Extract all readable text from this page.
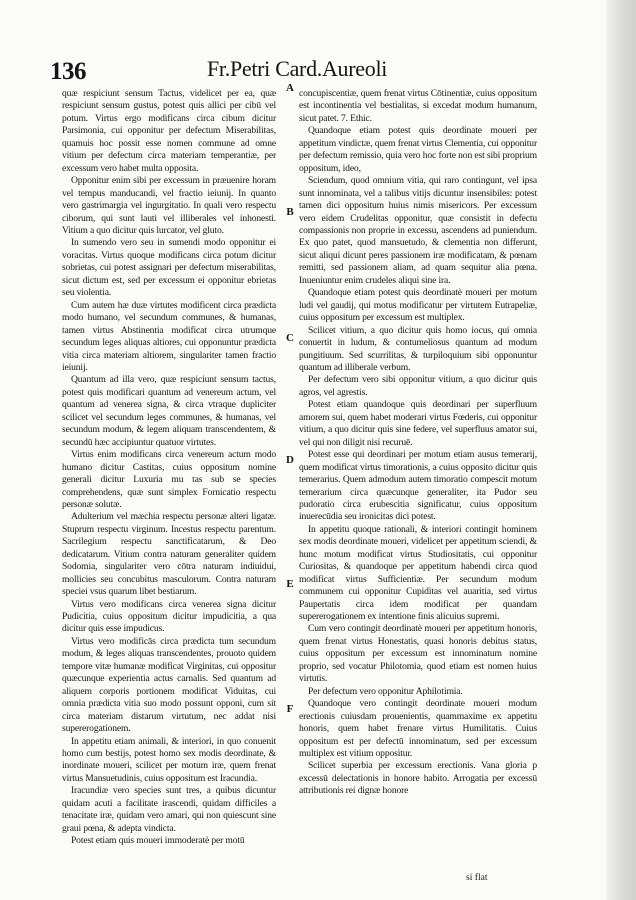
136	Fr.Petri Card.Aureoli

quæ respiciunt sensum Tactus, videlicet per ea, quæ respiciunt sensum gustus, potest quis allici per cibū vel potum. Virtus ergo modificans circa cibum dicitur Parsimonia, cui opponitur per defectum Miserabilitas, quamuis hoc possit esse nomen commune ad omne vitium per defectum circa materiam temperantiæ, per excessum vero habet multa opposita.

Opponitur enim sibi per excessum in præuenire horam vel tempus manducandi, vel fractio ieiunij. In quanto vero gastrimargia vel ingurgitatio. In quali vero respectu ciborum, qui sunt lauti vel illiberales vel inhonesti. Vitium a quo dicitur quis lurcator, vel gluto.

In sumendo vero seu in sumendi modo opponitur ei voracitas. Virtus quoque modificans circa potum dicitur sobrietas, cui potest assignari per defectum miserabilitas, sicut dictum est, sed per excessum ei opponitur ebrietas seu violentia.

Cum autem hæ duæ virtutes modificent circa prædicta modo humano, vel secundum communes, & humanas, tamen virtus Abstinentia modificat circa utrumque secundum leges aliquas altiores, cui opponuntur prædicta vitia circa materiam altiorem, singulariter tamen fractio ieiunij.

Quantum ad illa vero, quæ respiciunt sensum tactus, potest quis modificari quantum ad venereum actum, vel quantum ad venerea signa, & circa vtraque dupliciter scilicet vel secundum leges communes, & humanas, vel secundum modum, & legem aliquam transcendentem, & secundū hæc accipiuntur quatuor virtutes.

Virtus enim modificans circa venereum actum modo humano dicitur Castitas, cuius oppositum nomine generali dicitur Luxuria mu tas sub se species comprehendens, quæ sunt simplex Fornicatio respectu personæ solutæ.

Adulterium vel mæchia respectu personæ alteri ligatæ. Stuprum respectu virginum. Incestus respectu parentum. Sacrilegium respectu sanctificatarum, & Deo dedicatarum. Vitium contra naturam generaliter quidem Sodomia, singulariter vero cōtra naturam indiuidui, mollicies seu concubitus masculorum. Contra naturam speciei vsus quarum libet bestiarum.

Virtus vero modificans circa venerea signa dicitur Pudicitia, cuius oppositum dicitur impudicitia, a qua dicitur quis esse impudicus.

Virtus vero modificās circa prædicta tum secundum modum, & leges aliquas transcendentes, prouoto quidem tempore vitæ humanæ modificat Virginitas, cui oppositur quæcunque experientia actus carnalis. Sed quantum ad aliquem corporis portionem modificat Viduitas, cui omnia prædicta vitia suo modo possunt opponi, cum sit circa materiam distarum virtutum, nec addat nisi supererogationem.

In appetitu etiam animali, & interiori, in quo conuenit homo cum bestijs, potest homo sex modis deordinate, & inordinate moueri, scilicet per motum iræ, quem frenat virtus Mansuetudinis, cuius oppositum est Iracundia.

Iracundiæ vero species sunt tres, a quibus dicuntur quidam acuti a facilitate irascendi, quidam difficiles a tenacitate iræ, quidam vero amari, qui non quiescunt sine graui pœna, & adepta vindicta.

Potest etiam quis moueri immoderatè per motū

A
B
C
D
E
F

concupiscentiæ, quem frenat virtus Cōtinentiæ, cuius oppositum est incontinentia vel bestialitas, si excedat modum humanum, sicut patet. 7. Ethic.

Quandoque etiam potest quis deordinate moueri per appetitum vindictæ, quem frenat virtus Clementia, cui opponitur per defectum remissio, quia vero hoc forte non est sibi proprium oppositum, ideo,

Sciendum, quod omnium vitia, qui raro contingunt, vel ipsa sunt innominata, vel a talibus vitijs dicuntur insensibiles: potest tamen dici oppositum huius nimis misericors. Per excessum vero eidem Crudelitas opponitur, quæ consistit in defectu compassionis non proprie in excessu, ascendens ad puniendum. Ex quo patet, quod mansuetudo, & clementia non differunt, sicut aliqui dicunt peres passionem iræ modificatam, & pœnam remitti, sed passionem aliam, ad quam sequitur alia pœna. Inueniuntur enim crudeles aliqui sine ira.

Quandoque etiam potest quis deordinatè moueri per motum ludi vel gaudij, qui motus modificatur per virtutem Eutrapeliæ, cuius oppositum per excessum est multiplex.

Scilicet vitium, a quo dicitur quis homo iocus, qui omnia conuertit in ludum, & contumeliosus quantum ad modum pungitiuum. Sed scurrilitas, & turpiloquium sibi opponuntur quantum ad illiberale verbum.

Per defectum vero sibi opponitur vitium, a quo dicitur quis agros, vel agrestis.

Potest etiam quandoque quis deordinari per superfluum amorem sui, quem habet moderari virtus Fœderis, cui opponitur vitium, a quo dicitur quis sine federe, vel superfluus amator sui, vel qui non diligit nisi recuruē.

Potest esse qui deordinari per motum etiam ausus temerarij, quem modificat virtus timorationis, a cuius opposito dicitur quis temerarius. Quem admodum autem timoratio compescit motum temerarium circa quæcunque generaliter, ita Pudor seu pudoratio circa erubescitia significatur, cuius oppositum inuerecūdia seu ironicitas dici potest.

In appetitu quoque rationali, & interiori contingit hominem sex modis deordinate moueri, videlicet per appetitum sciendi, & hunc motum modificat virtus Studiositatis, cui opponitur Curiositas, & quandoque per appetitum habendi circa quod modificat virtus Sufficientiæ. Per secundum modum communem cui opponitur Cupiditas vel auaritia, sed virtus Paupertatis circa idem modificat per quandam supererogationem ex intentione finis alicuius supremi.

Cum vero contingit deordinatè moueri per appetitum honoris, quem frenat virtus Honestatis, quasi honoris debitus status, cuius oppositum per excessum est innominatum nomine proprio, sed vocatur Philotomia, quod etiam est nomen huius virtutis.

Per defectum vero opponitur Aphilotimia.

Quandoque vero contingit deordinate moueri modum erectionis cuiusdam prouenientis, quammaxime ex appetitu honoris, quem habet frenare virtus Humilitatis. Cuius oppositum est per defectū innominatum, sed per excessum multiplex est vitium oppositur.

Scilicet superbia per excessum erectionis. Vana gloria p excessū delectationis in honore habito. Arrogatia per excessū attributionis rei dignæ honore

si flat
